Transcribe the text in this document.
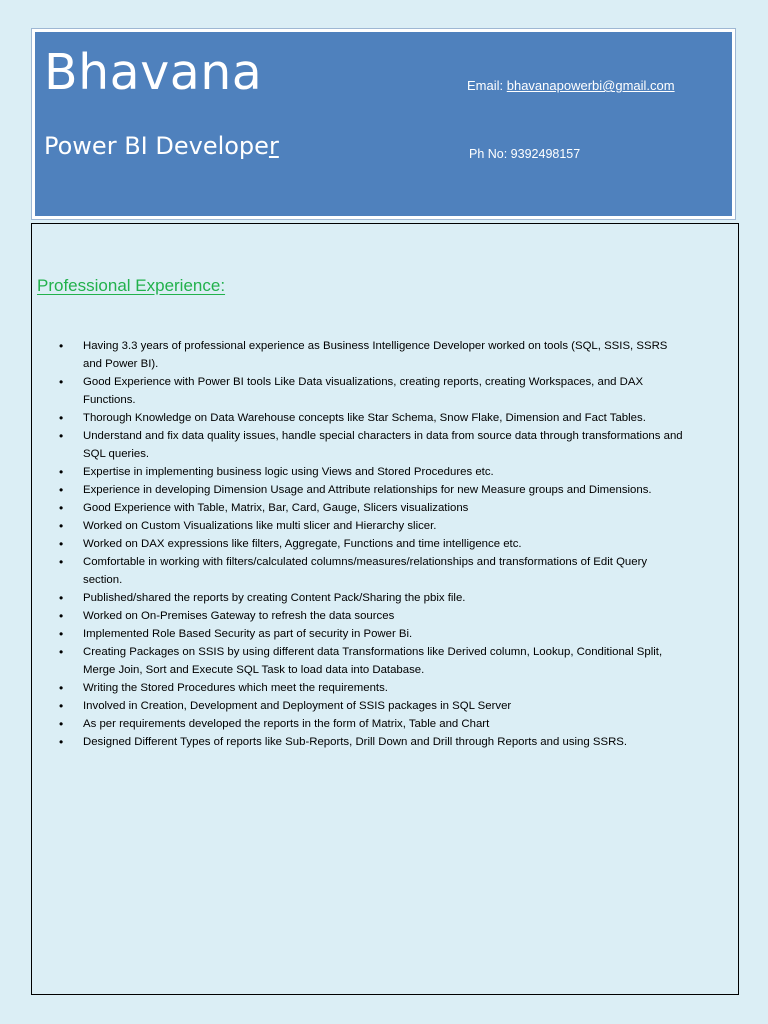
Bhavana
Power BI Developer
Email: bhavanapowerbi@gmail.com
Ph No: 9392498157
Professional Experience:
• Having 3.3 years of professional experience as Business Intelligence Developer worked on tools (SQL, SSIS, SSRS and Power BI).
• Good Experience with Power BI tools Like Data visualizations, creating reports, creating Workspaces, and DAX Functions.
• Thorough Knowledge on Data Warehouse concepts like Star Schema, Snow Flake, Dimension and Fact Tables.
• Understand and fix data quality issues, handle special characters in data from source data through transformations and SQL queries.
• Expertise in implementing business logic using Views and Stored Procedures etc.
• Experience in developing Dimension Usage and Attribute relationships for new Measure groups and Dimensions.
• Good Experience with Table, Matrix, Bar, Card, Gauge, Slicers visualizations
• Worked on Custom Visualizations like multi slicer and Hierarchy slicer.
• Worked on DAX expressions like filters, Aggregate, Functions and time intelligence etc.
• Comfortable in working with filters/calculated columns/measures/relationships and transformations of Edit Query section.
• Published/shared the reports by creating Content Pack/Sharing the pbix file.
• Worked on On-Premises Gateway to refresh the data sources
• Implemented Role Based Security as part of security in Power Bi.
• Creating Packages on SSIS by using different data Transformations like Derived column, Lookup, Conditional Split, Merge Join, Sort and Execute SQL Task to load data into Database.
• Writing the Stored Procedures which meet the requirements.
• Involved in Creation, Development and Deployment of SSIS packages in SQL Server
• As per requirements developed the reports in the form of Matrix, Table and Chart
• Designed Different Types of reports like Sub-Reports, Drill Down and Drill through Reports and using SSRS.
